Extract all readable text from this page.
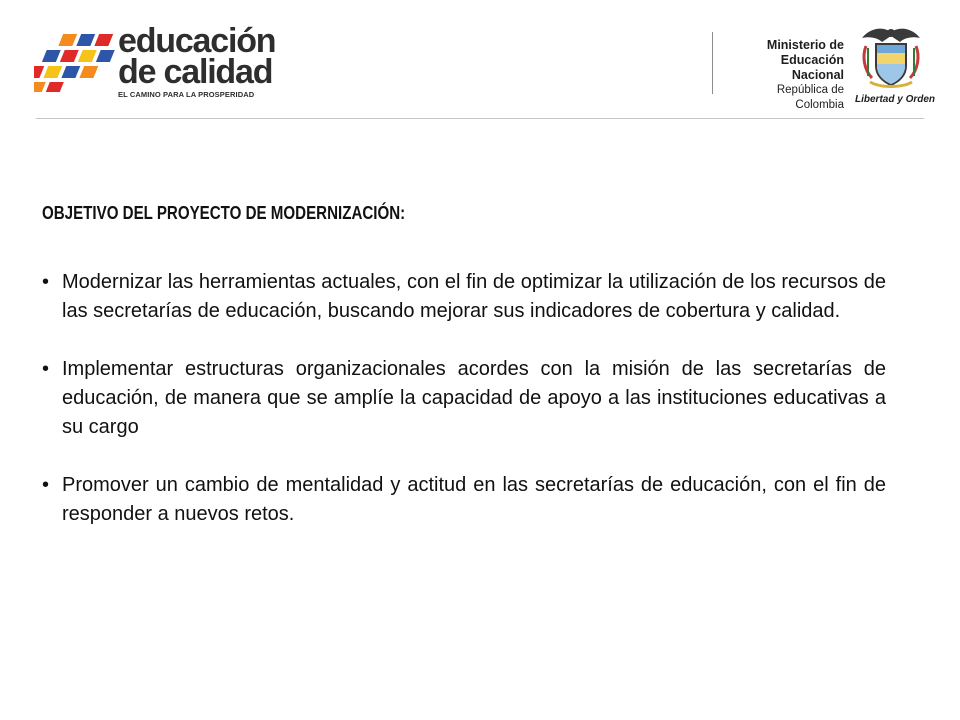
educación
de calidad
EL CAMINO PARA LA PROSPERIDAD
Ministerio de
Educación Nacional
República de Colombia Libertad y Orden
OBJETIVO DEL PROYECTO DE MODERNIZACIÓN:
• Modernizar las herramientas actuales, con el fin de optimizar la utilización de los recursos de las secretarías de educación, buscando mejorar sus indicadores de cobertura y calidad.
• Implementar estructuras organizacionales acordes con la misión de las secretarías de educación, de manera que se amplíe la capacidad de apoyo a las instituciones educativas a su cargo
• Promover un cambio de mentalidad y actitud en las secretarías de educación, con el fin de responder a nuevos retos.
